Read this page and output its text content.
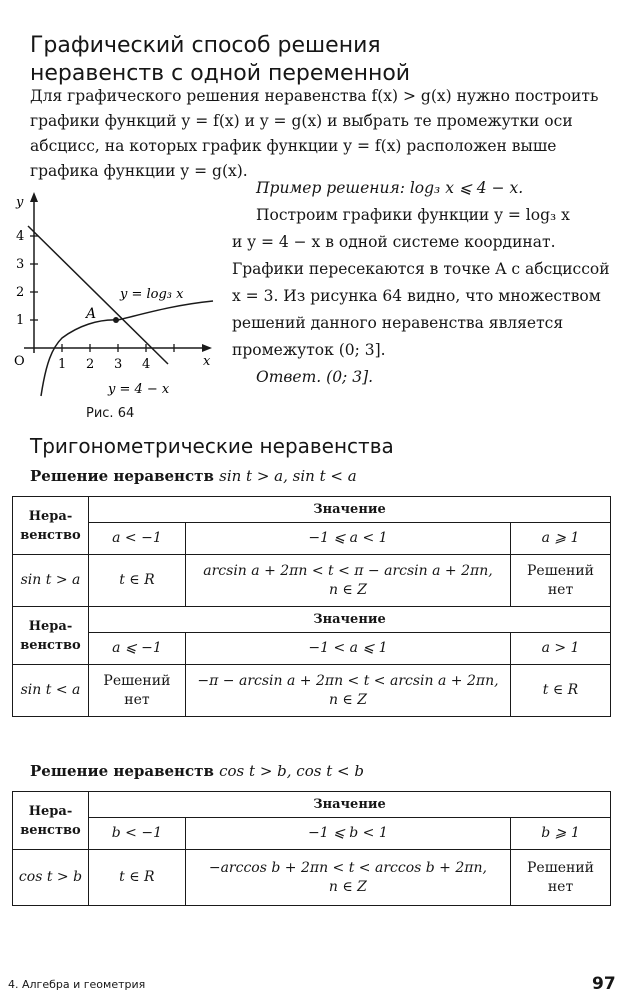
Графический способ решения
неравенств с одной переменной
Для графического решения неравенства f(x) > g(x) нужно построить
графики функций y = f(x) и y = g(x) и выбрать те промежутки оси
абсцисс, на которых график функции y = f(x) расположен выше
графика функции y = g(x).
Пример решения: log₃ x ⩽ 4 − x.
Построим графики функции y = log₃ x
и y = 4 − x в одной системе координат.
Графики пересекаются в точке A с абсциссой
x = 3. Из рисунка 64 видно, что множеством
решений данного неравенства является
промежуток (0; 3].
Ответ. (0; 3].
y
x
O
4
3
2
1
1 2 3 4
y = log₃ x
y = 4 − x
A
Рис. 64
Тригонометрические неравенства
Решение неравенств sin t > a, sin t < a
Нера-
венство	Значение		
	a < −1	−1 ⩽ a < 1	a ⩾ 1
sin t > a	t ∈ R	arcsin a + 2πn < t < π − arcsin a + 2πn,
n ∈ Z	Решений
нет
Нера-
венство	Значение		
	a ⩽ −1	−1 < a ⩽ 1	a > 1
sin t < a	Решений
нет	−π − arcsin a + 2πn < t < arcsin a + 2πn,
n ∈ Z	t ∈ R
Решение неравенств cos t > b, cos t < b
Нера-
венство	Значение		
	b < −1	−1 ⩽ b < 1	b ⩾ 1
cos t > b	t ∈ R	−arccos b + 2πn < t < arccos b + 2πn,
n ∈ Z	Решений
нет
4. Алгебра и геометрия	97
